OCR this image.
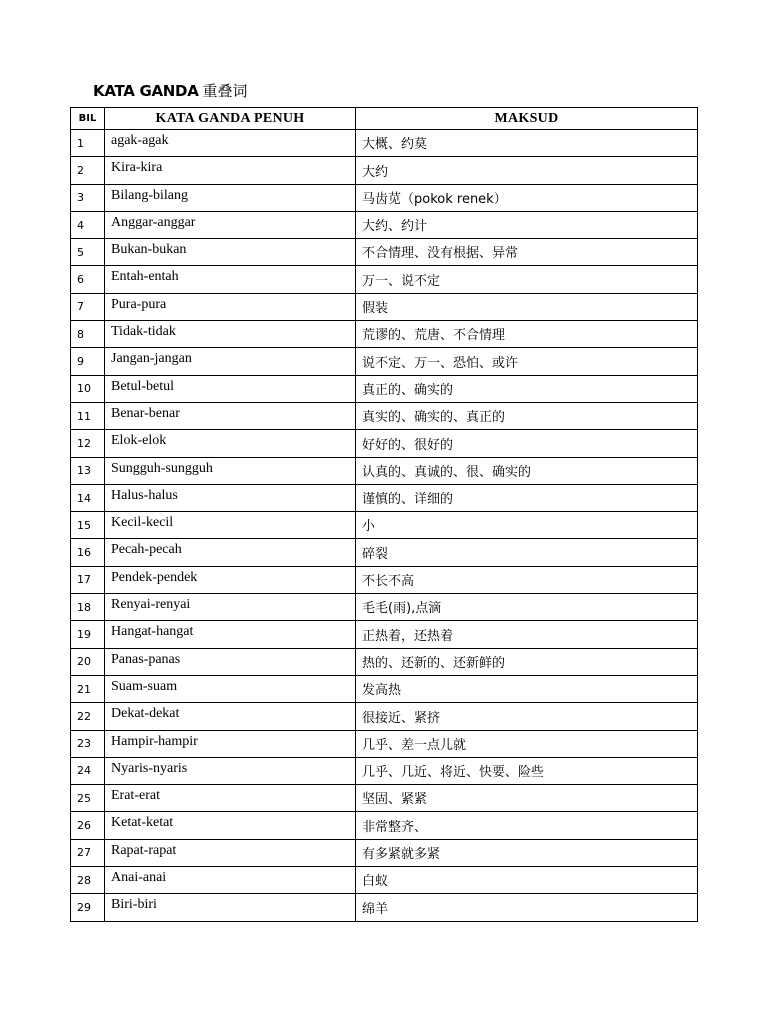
KATA GANDA 重叠词
BIL	KATA GANDA PENUH	MAKSUD
1	agak-agak	大概、约莫
2	Kira-kira	大约
3	Bilang-bilang	马齿苋（pokok renek）
4	Anggar-anggar	大约、约计
5	Bukan-bukan	不合情理、没有根据、异常
6	Entah-entah	万一、说不定
7	Pura-pura	假装
8	Tidak-tidak	荒谬的、荒唐、不合情理
9	Jangan-jangan	说不定、万一、恐怕、或许
10	Betul-betul	真正的、确实的
11	Benar-benar	真实的、确实的、真正的
12	Elok-elok	好好的、很好的
13	Sungguh-sungguh	认真的、真诚的、很、确实的
14	Halus-halus	谨慎的、详细的
15	Kecil-kecil	小
16	Pecah-pecah	碎裂
17	Pendek-pendek	不长不高
18	Renyai-renyai	毛毛(雨),点滴
19	Hangat-hangat	正热着，还热着
20	Panas-panas	热的、还新的、还新鲜的
21	Suam-suam	发高热
22	Dekat-dekat	很接近、紧挤
23	Hampir-hampir	几乎、差一点儿就
24	Nyaris-nyaris	几乎、几近、将近、快要、险些
25	Erat-erat	坚固、紧紧
26	Ketat-ketat	非常整齐、
27	Rapat-rapat	有多紧就多紧
28	Anai-anai	白蚁
29	Biri-biri	绵羊
